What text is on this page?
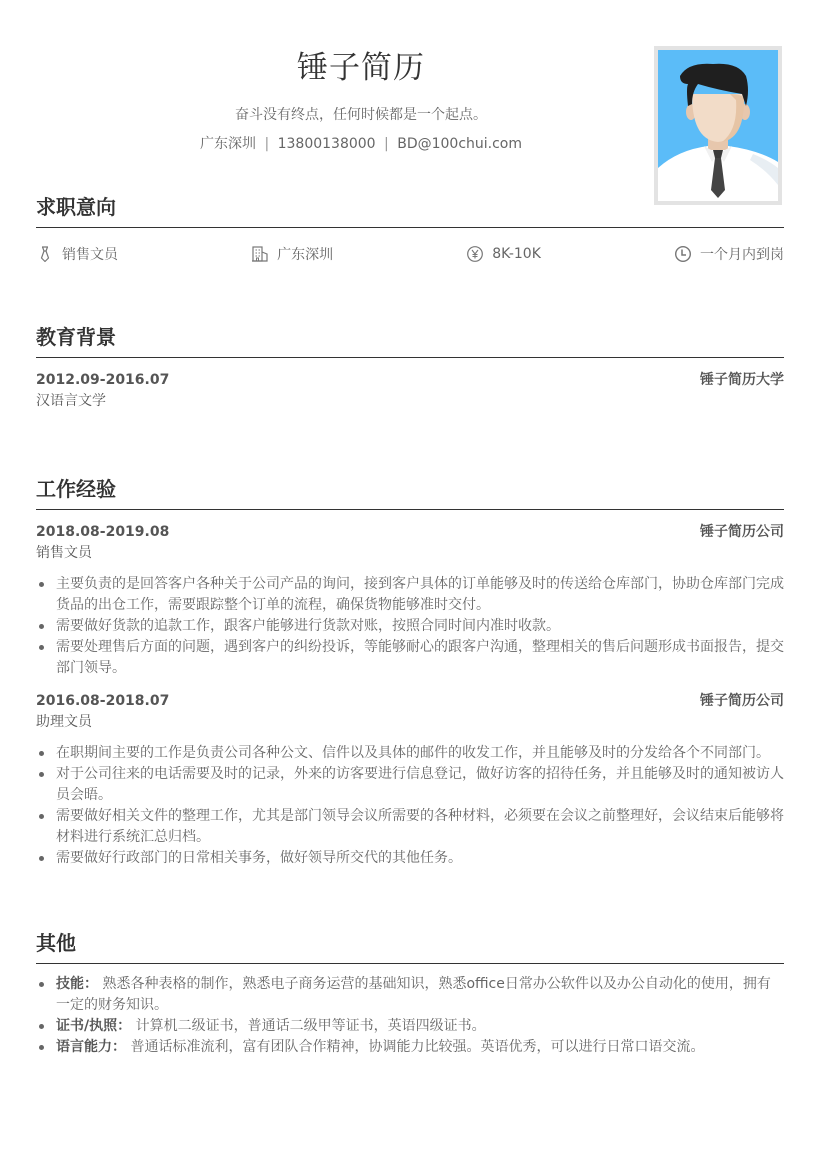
锤子简历
奋斗没有终点，任何时候都是一个起点。
广东深圳 | 13800138000 | BD@100chui.com
求职意向
销售文员	广东深圳	8K-10K	一个月内到岗
教育背景
2012.09-2016.07	锤子简历大学
汉语言文学
工作经验
2018.08-2019.08	锤子简历公司
销售文员
主要负责的是回答客户各种关于公司产品的询问，接到客户具体的订单能够及时的传送给仓库部门，协助仓库部门完成货品的出仓工作，需要跟踪整个订单的流程，确保货物能够准时交付。
需要做好货款的追款工作，跟客户能够进行货款对账，按照合同时间内准时收款。
需要处理售后方面的问题，遇到客户的纠纷投诉，等能够耐心的跟客户沟通，整理相关的售后问题形成书面报告，提交部门领导。
2016.08-2018.07	锤子简历公司
助理文员
在职期间主要的工作是负责公司各种公文、信件以及具体的邮件的收发工作，并且能够及时的分发给各个不同部门。
对于公司往来的电话需要及时的记录，外来的访客要进行信息登记，做好访客的招待任务，并且能够及时的通知被访人员会晤。
需要做好相关文件的整理工作，尤其是部门领导会议所需要的各种材料，必须要在会议之前整理好，会议结束后能够将材料进行系统汇总归档。
需要做好行政部门的日常相关事务，做好领导所交代的其他任务。
其他
技能： 熟悉各种表格的制作，熟悉电子商务运营的基础知识，熟悉office日常办公软件以及办公自动化的使用，拥有一定的财务知识。
证书/执照： 计算机二级证书，普通话二级甲等证书，英语四级证书。
语言能力： 普通话标准流利，富有团队合作精神，协调能力比较强。英语优秀，可以进行日常口语交流。
